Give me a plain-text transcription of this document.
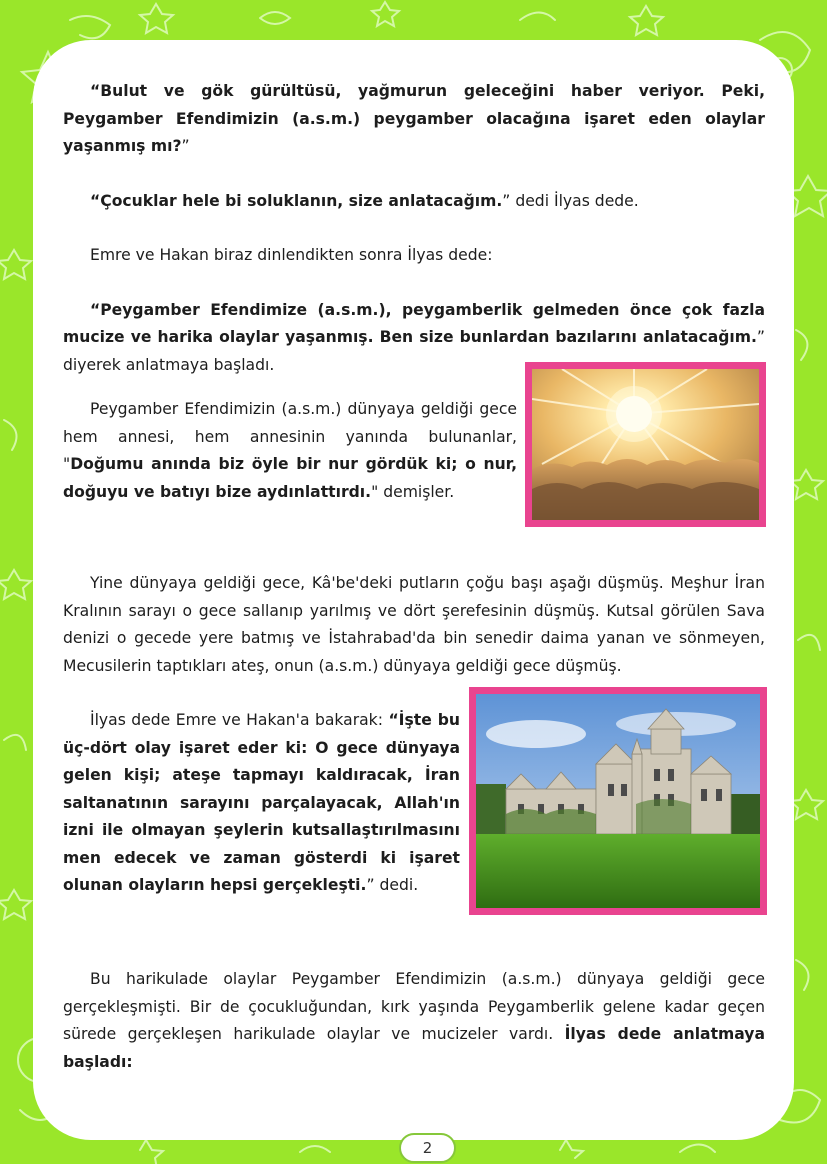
“Bulut ve gök gürültüsü, yağmurun geleceğini haber veriyor. Peki, Peygamber Efendimizin (a.s.m.) peygamber olacağına işaret eden olaylar yaşanmış mı?”

“Çocuklar hele bi soluklanın, size anlatacağım.” dedi İlyas dede.

Emre ve Hakan biraz dinlendikten sonra İlyas dede:

“Peygamber Efendimize (a.s.m.), peygamberlik gelmeden önce çok fazla mucize ve harika olaylar yaşanmış. Ben size bunlardan bazılarını anlatacağım.” diyerek anlatmaya başladı.

Peygamber Efendimizin (a.s.m.) dünyaya geldiği gece hem annesi, hem annesinin yanında bulunanlar, "Doğumu anında biz öyle bir nur gördük ki; o nur, doğuyu ve batıyı bize aydınlattırdı." demişler.

Yine dünyaya geldiği gece, Kâ'be'deki putların çoğu başı aşağı düşmüş. Meşhur İran Kralının sarayı o gece sallanıp yarılmış ve dört şerefesinin düşmüş. Kutsal görülen Sava denizi o gecede yere batmış ve İstahrabad'da bin senedir daima yanan ve sönmeyen, Mecusilerin taptıkları ateş, onun (a.s.m.) dünyaya geldiği gece düşmüş.

İlyas dede Emre ve Hakan'a bakarak: “İşte bu üç-dört olay işaret eder ki: O gece dünyaya gelen kişi; ateşe tapmayı kaldıracak, İran saltanatının sarayını parçalayacak, Allah'ın izni ile olmayan şeylerin kutsallaştırılmasını men edecek ve zaman gösterdi ki işaret olunan olayların hepsi gerçekleşti.” dedi.

Bu harikulade olaylar Peygamber Efendimizin (a.s.m.) dünyaya geldiği gece gerçekleşmişti. Bir de çocukluğundan, kırk yaşında Peygamberlik gelene kadar geçen sürede gerçekleşen harikulade olaylar ve mucizeler vardı. İlyas dede anlatmaya başladı:

2
